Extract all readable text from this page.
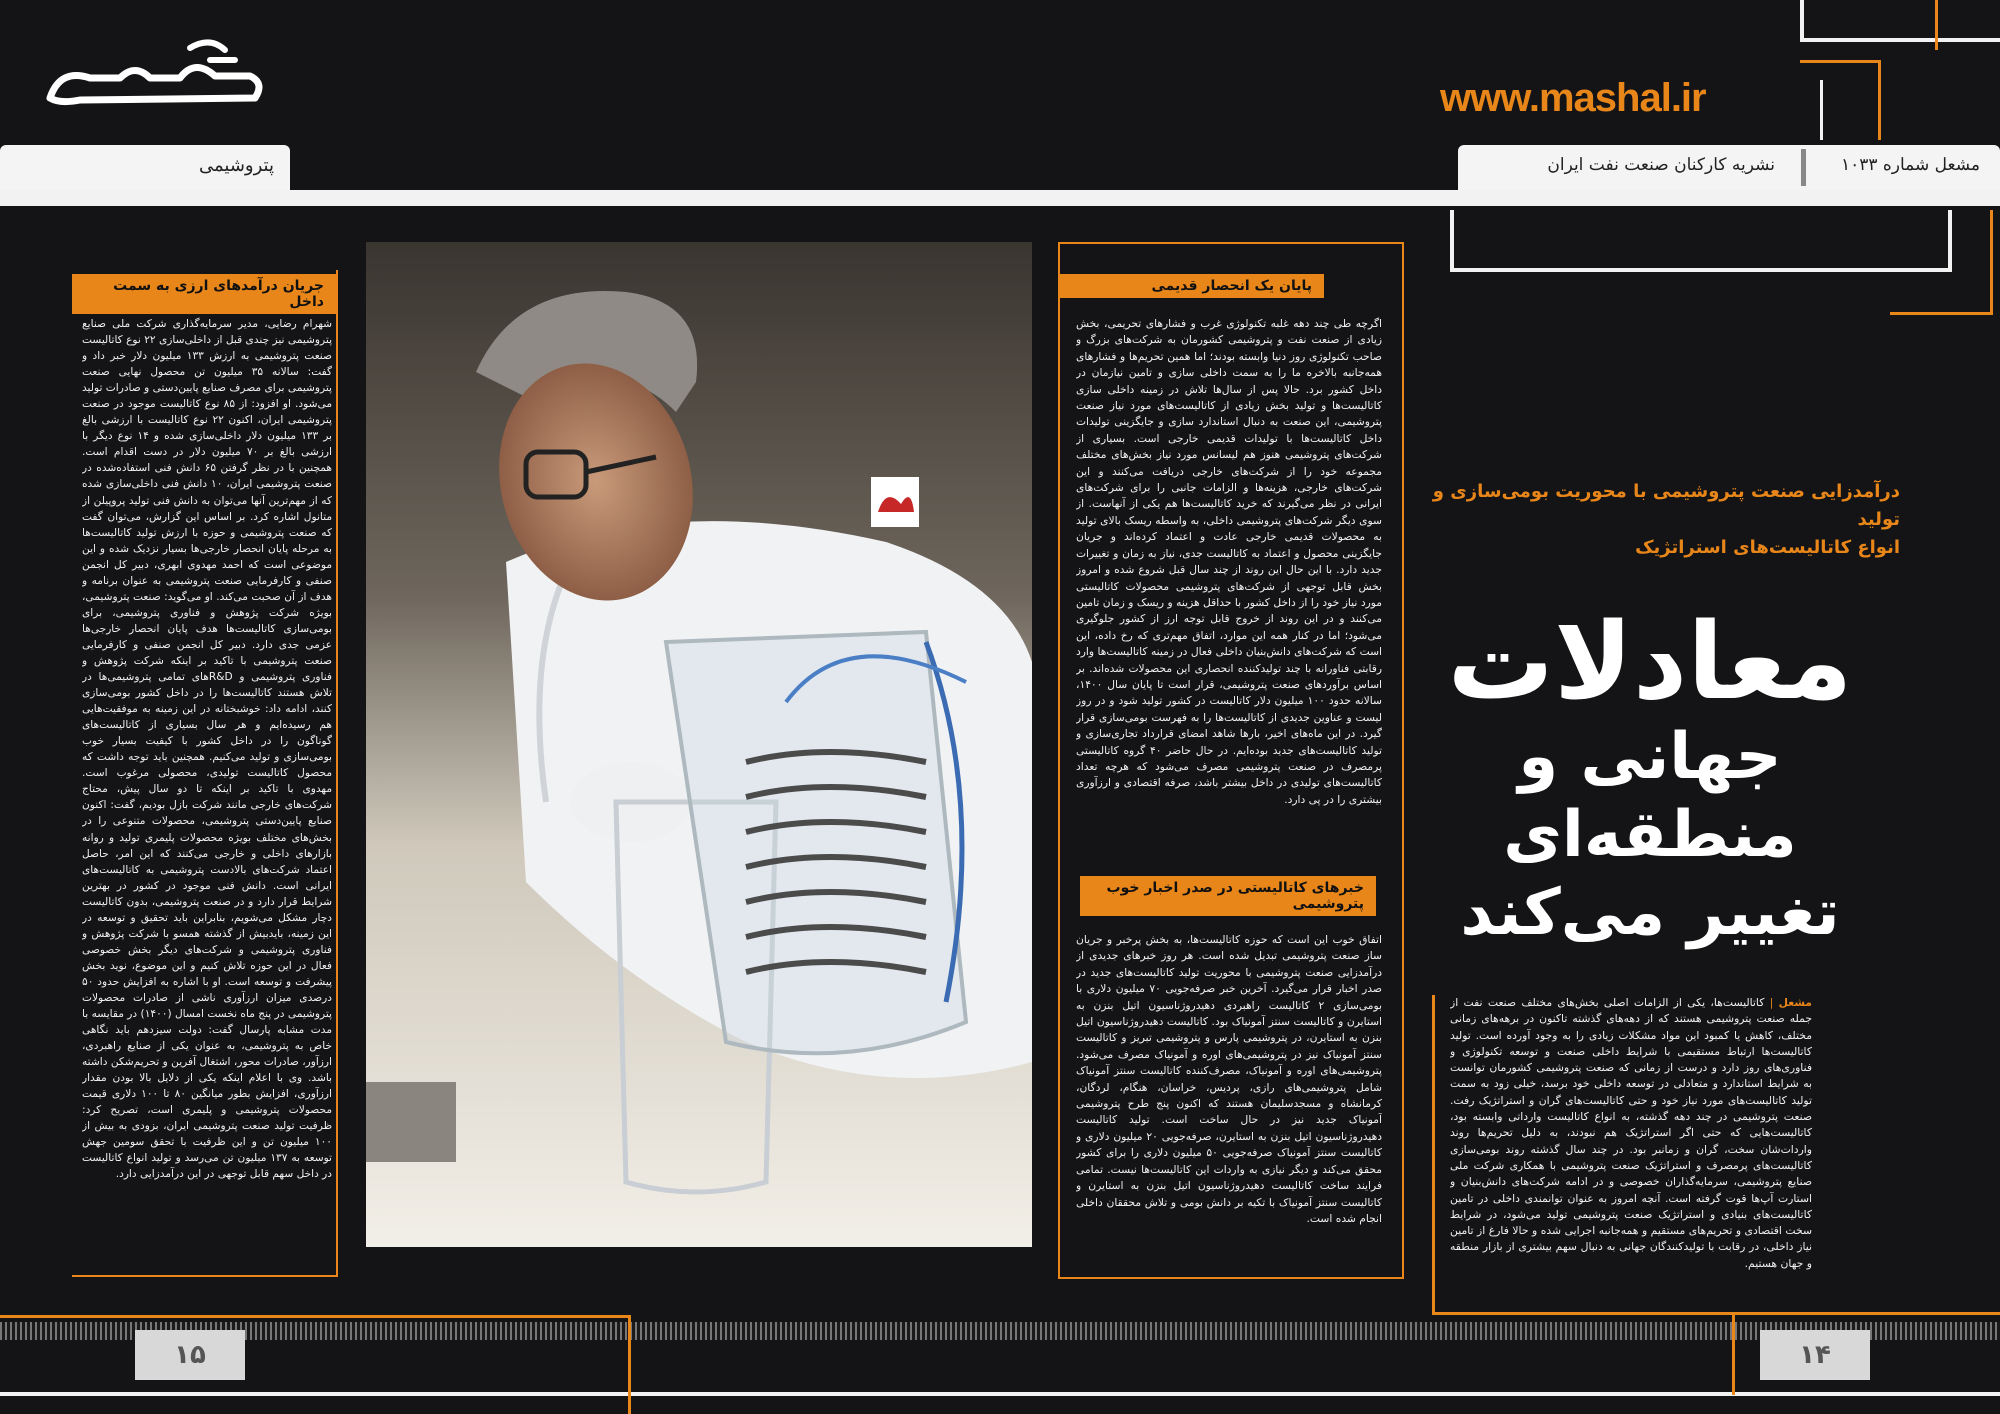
www.mashal.ir
پتروشیمی	مشعل شماره ۱۰۳۳
نشریه کارکنان صنعت نفت ایران
درآمدزایی صنعت پتروشیمی با محوریت بومی‌سازی و تولید
انواع کاتالیست‌های استراتژیک
معادلات
جهانی و منطقه‌ای
تغییر می‌کند

مشعل | کاتالیست‌ها، یکی از الزامات اصلی بخش‌های مختلف صنعت نفت از جمله صنعت پتروشیمی هستند که از دهه‌های گذشته تاکنون در برهه‌های زمانی مختلف، کاهش یا کمبود این مواد مشکلات زیادی را به وجود آورده است. تولید کاتالیست‌ها ارتباط مستقیمی با شرایط داخلی صنعت و توسعه تکنولوژی و فناوری‌های روز دارد و درست از زمانی که صنعت پتروشیمی کشورمان توانست به شرایط استاندارد و متعادلی در توسعه داخلی خود برسد، خیلی زود به سمت تولید کاتالیست‌های مورد نیاز خود و حتی کاتالیست‌های گران و استراتژیک رفت. صنعت پتروشیمی در چند دهه گذشته، به انواع کاتالیست وارداتی وابسته بود، کاتالیست‌هایی که حتی اگر استراتژیک هم نبودند، به دلیل تحریم‌ها روند واردات‌شان سخت، گران و زمانبر بود. در چند سال گذشته روند بومی‌سازی کاتالیست‌های پرمصرف و استراتژیک صنعت پتروشیمی با همکاری شرکت ملی صنایع پتروشیمی، سرمایه‌گذاران خصوصی و در ادامه شرکت‌های دانش‌بنیان و استارت آپ‌ها قوت گرفته است. آنچه امروز به عنوان توانمندی داخلی در تامین کاتالیست‌های بنیادی و استراتژیک صنعت پتروشیمی تولید می‌شود، در شرایط سخت اقتصادی و تحریم‌های مستقیم و همه‌جانبه اجرایی شده و حالا فارغ از تامین نیاز داخلی، در رقابت با تولیدکنندگان جهانی به دنبال سهم بیشتری از بازار منطقه و جهان هستیم.

پایان یک انحصار قدیمی

اگرچه طی چند دهه غلبه تکنولوژی غرب و فشارهای تحریمی، بخش زیادی از صنعت نفت و پتروشیمی کشورمان به شرکت‌های بزرگ و صاحب تکنولوژی روز دنیا وابسته بودند؛ اما همین تحریم‌ها و فشارهای همه‌جانبه بالاخره ما را به سمت داخلی سازی و تامین نیازمان در داخل کشور برد. حالا پس از سال‌ها تلاش در زمینه داخلی سازی کاتالیست‌ها و تولید بخش زیادی از کاتالیست‌های مورد نیاز صنعت پتروشیمی، این صنعت به دنبال استاندارد سازی و جایگزینی تولیدات داخل کاتالیست‌ها با تولیدات قدیمی خارجی است. بسیاری از شرکت‌های پتروشیمی هنوز هم لیسانس مورد نیاز بخش‌های مختلف مجموعه خود را از شرکت‌های خارجی دریافت می‌کنند و این شرکت‌های خارجی، هزینه‌ها و الزامات جانبی را برای شرکت‌های ایرانی در نظر می‌گیرند که خرید کاتالیست‌ها هم یکی از آنهاست. از سوی دیگر شرکت‌های پتروشیمی داخلی، به واسطه ریسک بالای تولید به محصولات قدیمی خارجی عادت و اعتماد کرده‌اند و جریان جایگزینی محصول و اعتماد به کاتالیست جدی، نیاز به زمان و تغییرات جدید دارد. با این حال این روند از چند سال قبل شروع شده و امروز بخش قابل توجهی از شرکت‌های پتروشیمی محصولات کاتالیستی مورد نیاز خود را از داخل کشور با حداقل هزینه و ریسک و زمان تامین می‌کنند و در این روند از خروج قابل توجه ارز از کشور جلوگیری می‌شود؛ اما در کنار همه این موارد، اتفاق مهم‌تری که رخ داده، این است که شرکت‌های دانش‌بنیان داخلی فعال در زمینه کاتالیست‌ها وارد رقابتی فناورانه با چند تولیدکننده انحصاری این محصولات شده‌اند. بر اساس برآوردهای صنعت پتروشیمی، قرار است تا پایان سال ۱۴۰۰، سالانه حدود ۱۰۰ میلیون دلار کاتالیست در کشور تولید شود و در روز لیست و عناوین جدیدی از کاتالیست‌ها را به فهرست بومی‌سازی قرار گیرد. در این ماه‌های اخیر، بارها شاهد امضای قرارداد تجاری‌سازی و تولید کاتالیست‌های جدید بوده‌ایم. در حال حاضر ۴۰ گروه کاتالیستی پرمصرف در صنعت پتروشیمی مصرف می‌شود که هرچه تعداد کاتالیست‌های تولیدی در داخل بیشتر باشد، صرفه اقتصادی و ارزآوری بیشتری را در پی دارد.

خبرهای کاتالیستی در صدر اخبار خوب پتروشیمی

اتفاق خوب این است که حوزه کاتالیست‌ها، به بخش پرخبر و جریان ساز صنعت پتروشیمی تبدیل شده است. هر روز خبرهای جدیدی از درآمدزایی صنعت پتروشیمی با محوریت تولید کاتالیست‌های جدید در صدر اخبار قرار می‌گیرد. آخرین خبر صرفه‌جویی ۷۰ میلیون دلاری با بومی‌سازی ۲ کاتالیست راهبردی دهیدروژناسیون اتیل بنزن به استایرن و کاتالیست سنتز آمونیاک بود. کاتالیست دهیدروژناسیون اتیل بنزن به استایرن، در پتروشیمی پارس و پتروشیمی تبریز و کاتالیست سنتز آمونیاک نیز در پتروشیمی‌های اوره و آمونیاک مصرف می‌شود. پتروشیمی‌های اوره و آمونیاک، مصرف‌کننده کاتالیست سنتز آمونیاک شامل پتروشیمی‌های رازی، پردیس، خراسان، هنگام، لردگان، کرمانشاه و مسجدسلیمان هستند که اکنون پنج طرح پتروشیمی آمونیاک جدید نیز در حال ساخت است. تولید کاتالیست دهیدروژناسیون اتیل بنزن به استایرن، صرفه‌جویی ۲۰ میلیون دلاری و کاتالیست سنتز آمونیاک صرفه‌جویی ۵۰ میلیون دلاری را برای کشور محقق می‌کند و دیگر نیازی به واردات این کاتالیست‌ها نیست. تمامی فرایند ساخت کاتالیست دهیدروژناسیون اتیل بنزن به استایرن و کاتالیست سنتز آمونیاک با تکیه بر دانش بومی و تلاش محققان داخلی انجام شده است.

جریان درآمدهای ارزی به سمت داخل

شهرام رضایی، مدیر سرمایه‌گذاری شرکت ملی صنایع پتروشیمی نیز چندی قبل از داخلی‌سازی ۲۲ نوع کاتالیست صنعت پتروشیمی به ارزش ۱۳۳ میلیون دلار خبر داد و گفت: سالانه ۳۵ میلیون تن محصول نهایی صنعت پتروشیمی برای مصرف صنایع پایین‌دستی و صادرات تولید می‌شود. او افزود: از ۸۵ نوع کاتالیست موجود در صنعت پتروشیمی ایران، اکنون ۲۲ نوع کاتالیست با ارزشی بالغ بر ۱۳۳ میلیون دلار داخلی‌سازی شده و ۱۴ نوع دیگر با ارزشی بالغ بر ۷۰ میلیون دلار در دست اقدام است. همچنین با در نظر گرفتن ۶۵ دانش فنی استفاده‌شده در صنعت پتروشیمی ایران، ۱۰ دانش فنی داخلی‌سازی شده که از مهم‌ترین آنها می‌توان به دانش فنی تولید پروپیلن از متانول اشاره کرد. بر اساس این گزارش، می‌توان گفت که صنعت پتروشیمی و حوزه با ارزش تولید کاتالیست‌ها به مرحله پایان انحصار خارجی‌ها بسیار نزدیک شده و این موضوعی است که احمد مهدوی ابهری، دبیر کل انجمن صنفی و کارفرمایی صنعت پتروشیمی به عنوان برنامه و هدف از آن صحبت می‌کند. او می‌گوید: صنعت پتروشیمی، بویژه شرکت پژوهش و فناوری پتروشیمی، برای بومی‌سازی کاتالیست‌ها هدف پایان انحصار خارجی‌ها عزمی جدی دارد. دبیر کل انجمن صنفی و کارفرمایی صنعت پتروشیمی با تاکید بر اینکه شرکت پژوهش و فناوری پتروشیمی و R&Dهای تمامی پتروشیمی‌ها در تلاش هستند کاتالیست‌ها را در داخل کشور بومی‌سازی کنند، ادامه داد: خوشبختانه در این زمینه به موفقیت‌هایی هم رسیده‌ایم و هر سال بسیاری از کاتالیست‌های گوناگون را در داخل کشور با کیفیت بسیار خوب بومی‌سازی و تولید می‌کنیم. همچنین باید توجه داشت که محصول کاتالیست تولیدی، محصولی مرغوب است. مهدوی با تاکید بر اینکه تا دو سال پیش، محتاج شرکت‌های خارجی مانند شرکت بازل بودیم، گفت: اکنون صنایع پایین‌دستی پتروشیمی، محصولات متنوعی را در بخش‌های مختلف بویژه محصولات پلیمری تولید و روانه بازارهای داخلی و خارجی می‌کنند که این امر، حاصل اعتماد شرکت‌های بالادست پتروشیمی به کاتالیست‌های ایرانی است. دانش فنی موجود در کشور در بهترین شرایط قرار دارد و در صنعت پتروشیمی، بدون کاتالیست دچار مشکل می‌شویم، بنابراین باید تحقیق و توسعه در این زمینه، بایدبیش از گذشته همسو با شرکت پژوهش و فناوری پتروشیمی و شرکت‌های دیگر بخش خصوصی فعال در این حوزه تلاش کنیم و این موضوع، نوید بخش پیشرفت و توسعه است. او با اشاره به افزایش حدود ۵۰ درصدی میزان ارزآوری ناشی از صادرات محصولات پتروشیمی در پنج ماه نخست امسال (۱۴۰۰) در مقایسه با مدت مشابه پارسال گفت: دولت سیزدهم باید نگاهی خاص به پتروشیمی، به عنوان یکی از صنایع راهبردی، ارزآور، صادرات محور، اشتغال آفرین و تحریم‌شکن داشته باشد. وی با اعلام اینکه یکی از دلایل بالا بودن مقدار ارزآوری، افزایش بطور میانگین ۸۰ تا ۱۰۰ دلاری قیمت محصولات پتروشیمی و پلیمری است، تصریح کرد: ظرفیت تولید صنعت پتروشیمی ایران، بزودی به بیش از ۱۰۰ میلیون تن و این ظرفیت با تحقق سومین جهش توسعه به ۱۳۷ میلیون تن می‌رسد و تولید انواع کاتالیست در داخل سهم قابل توجهی در این درآمدزایی دارد.

۱۵	۱۴
